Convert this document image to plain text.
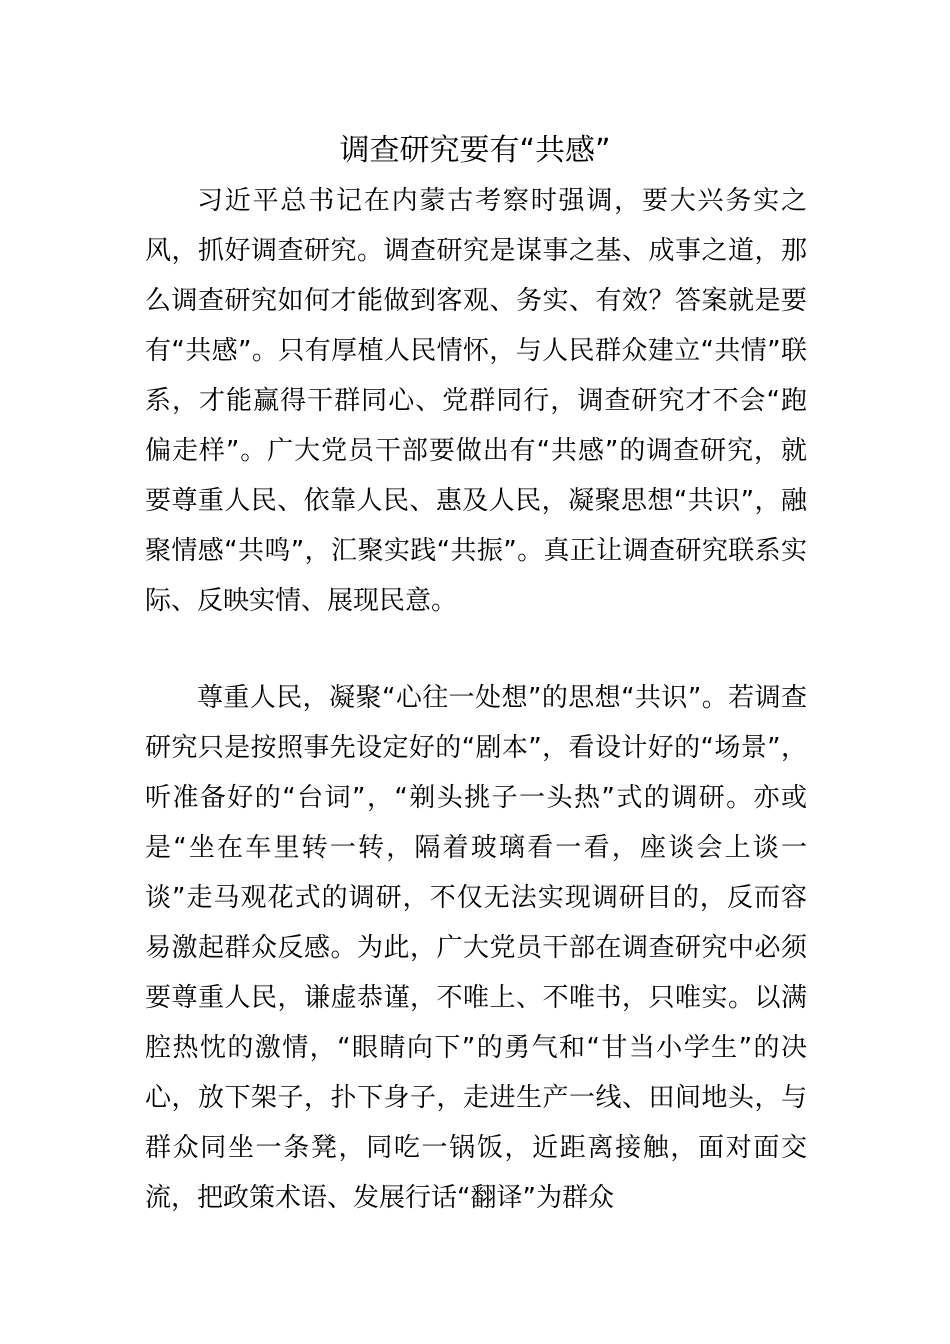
调查研究要有“共感”

习近平总书记在内蒙古考察时强调，要大兴务实之风，抓好调查研究。调查研究是谋事之基、成事之道，那么调查研究如何才能做到客观、务实、有效？答案就是要有“共感”。只有厚植人民情怀，与人民群众建立“共情”联系，才能赢得干群同心、党群同行，调查研究才不会“跑偏走样”。广大党员干部要做出有“共感”的调查研究，就要尊重人民、依靠人民、惠及人民，凝聚思想“共识”，融聚情感“共鸣”，汇聚实践“共振”。真正让调查研究联系实际、反映实情、展现民意。

尊重人民，凝聚“心往一处想”的思想“共识”。若调查研究只是按照事先设定好的“剧本”，看设计好的“场景”，听准备好的“台词”，“剃头挑子一头热”式的调研。亦或是“坐在车里转一转，隔着玻璃看一看，座谈会上谈一谈”走马观花式的调研，不仅无法实现调研目的，反而容易激起群众反感。为此，广大党员干部在调查研究中必须要尊重人民，谦虚恭谨，不唯上、不唯书，只唯实。以满腔热忱的激情，“眼睛向下”的勇气和“甘当小学生”的决心，放下架子，扑下身子，走进生产一线、田间地头，与群众同坐一条凳，同吃一锅饭，近距离接触，面对面交流，把政策术语、发展行话“翻译”为群众
